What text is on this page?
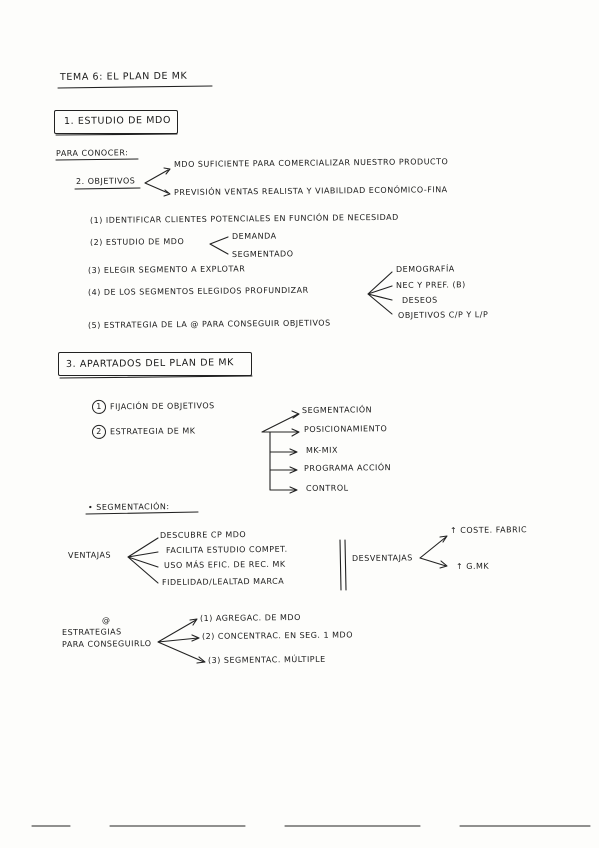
TEMA 6: EL PLAN DE MK
1. ESTUDIO DE MDO
PARA CONOCER:
MDO SUFICIENTE PARA COMERCIALIZAR NUESTRO PRODUCTO
2. OBJETIVOS
PREVISIÓN VENTAS REALISTA Y VIABILIDAD ECONÓMICO-FINA
(1) IDENTIFICAR CLIENTES POTENCIALES EN FUNCIÓN DE NECESIDAD
(2) ESTUDIO DE MDO
DEMANDA
SEGMENTADO
(3) ELEGIR SEGMENTO A EXPLOTAR
(4) DE LOS SEGMENTOS ELEGIDOS PROFUNDIZAR
DEMOGRAFÍA
NEC Y PREF. (B)
DESEOS
OBJETIVOS C/P Y L/P
(5) ESTRATEGIA DE LA @ PARA CONSEGUIR OBJETIVOS
3. APARTADOS DEL PLAN DE MK
1 FIJACIÓN DE OBJETIVOS
2 ESTRATEGIA DE MK
SEGMENTACIÓN
POSICIONAMIENTO
MK-MIX
PROGRAMA ACCIÓN
CONTROL
• SEGMENTACIÓN:
VENTAJAS
DESCUBRE CP MDO
FACILITA ESTUDIO COMPET.
USO MÁS EFIC. DE REC. MK
FIDELIDAD/LEALTAD MARCA
DESVENTAJAS
↑ COSTE. FABRIC
↑ G.MK
@
ESTRATEGIAS
PARA CONSEGUIRLO
(1) AGREGAC. DE MDO
(2) CONCENTRAC. EN SEG. 1 MDO
(3) SEGMENTAC. MÚLTIPLE
